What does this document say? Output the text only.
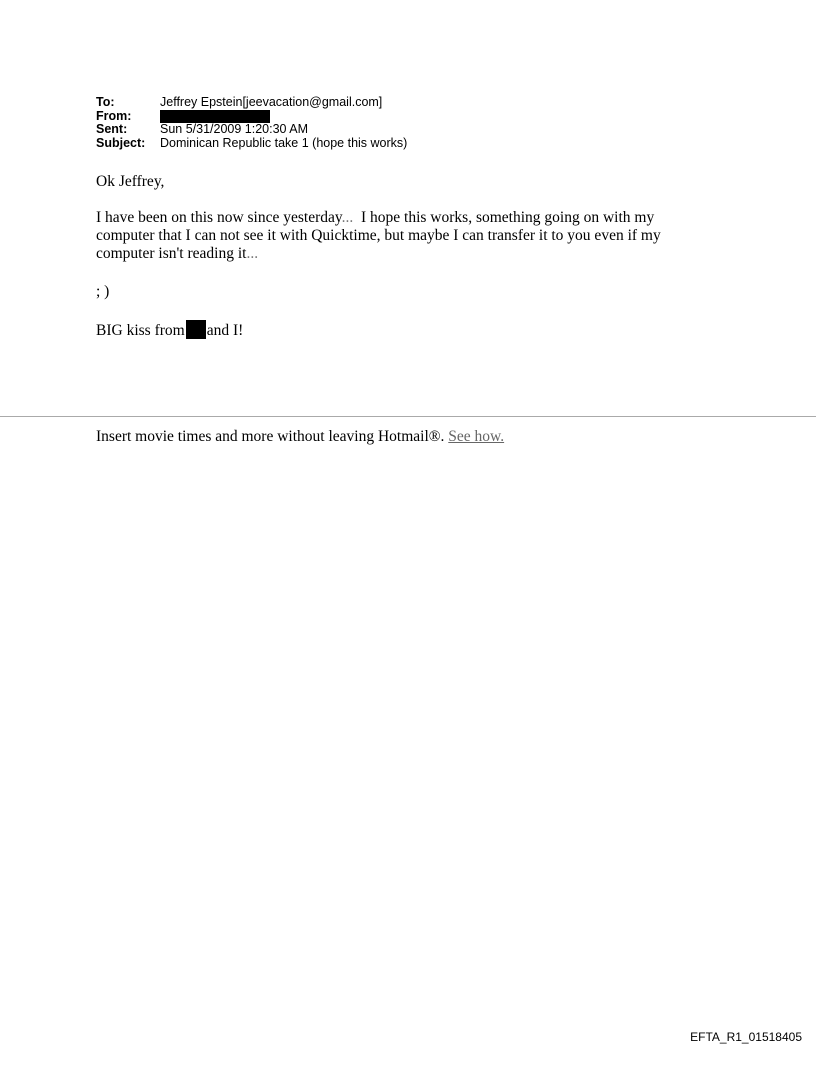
To:	Jeffrey Epstein[jeevacation@gmail.com]
From:
Sent:	Sun 5/31/2009 1:20:30 AM
Subject:	Dominican Republic take 1 (hope this works)
Ok Jeffrey,
I have been on this now since yesterday...  I hope this works, something going on with my
computer that I can not see it with Quicktime, but maybe I can transfer it to you even if my
computer isn't reading it...
; )
BIG kiss from and I!
Insert movie times and more without leaving Hotmail®. See how.
EFTA_R1_01518405
